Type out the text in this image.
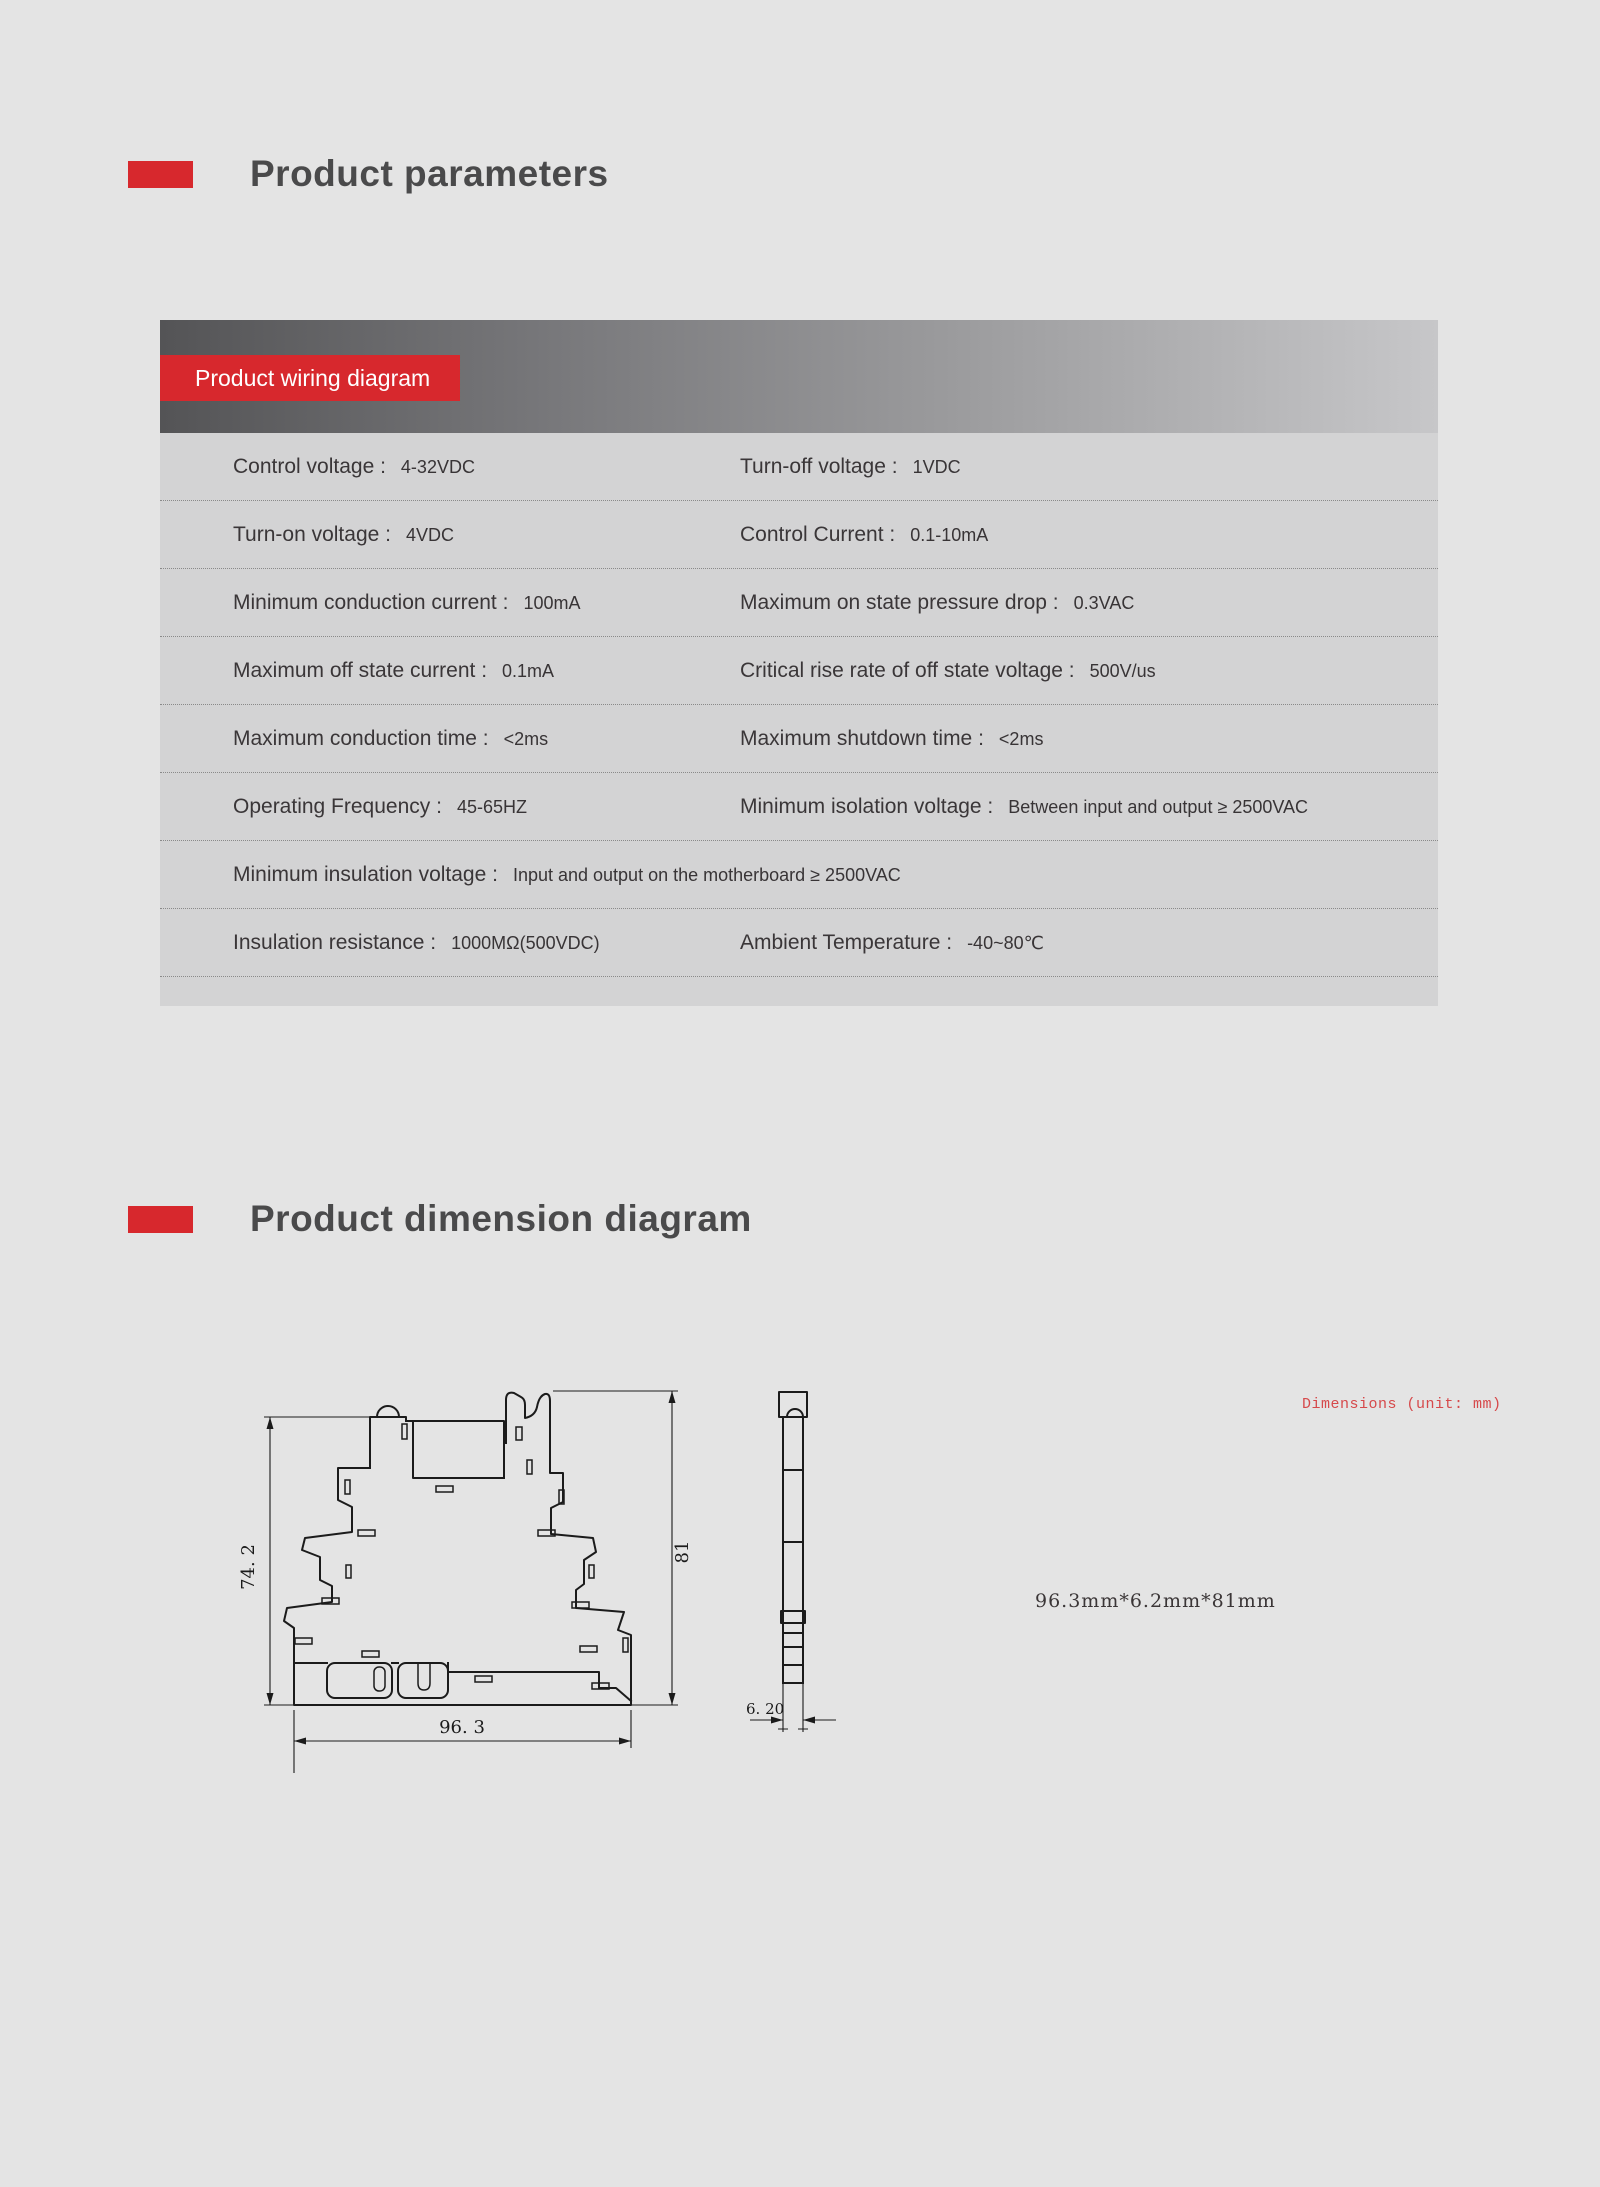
Product parameters
Product wiring diagram
Control voltage : 4-32VDC	Turn-off voltage : 1VDC
Turn-on voltage : 4VDC	Control Current : 0.1-10mA
Minimum conduction current : 100mA	Maximum on state pressure drop : 0.3VAC
Maximum off state current : 0.1mA	Critical rise rate of off state voltage : 500V/us
Maximum conduction time : <2ms	Maximum shutdown time : <2ms
Operating Frequency : 45-65HZ	Minimum isolation voltage : Between input and output ≥ 2500VAC
Minimum insulation voltage : Input and output on the motherboard ≥ 2500VAC
Insulation resistance : 1000MΩ(500VDC)	Ambient Temperature : -40~80℃
Product dimension diagram
74. 2	81
96. 3
6. 20
Dimensions (unit: mm)
96.3mm*6.2mm*81mm
